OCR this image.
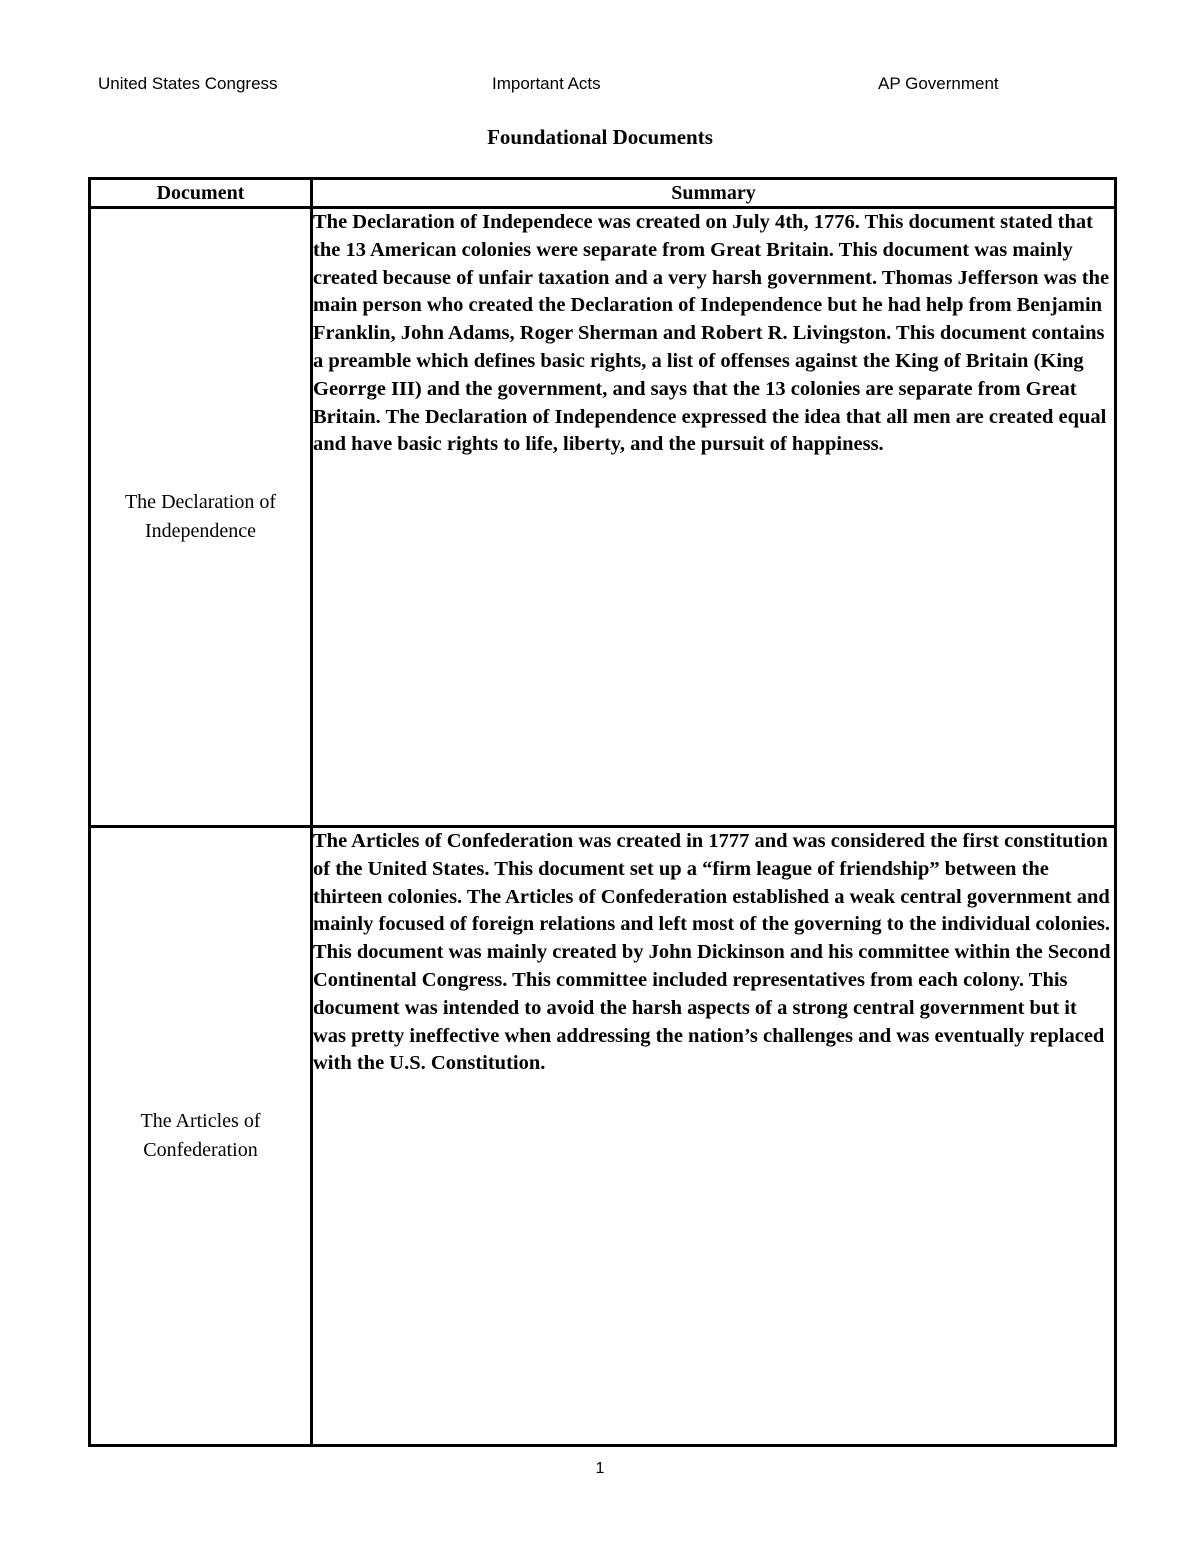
United States Congress	Important Acts	AP Government
Foundational Documents
Document	Summary
The Declaration of Independence	The Declaration of Independece was created on July 4th, 1776. This document stated that the 13 American colonies were separate from Great Britain. This document was mainly created because of unfair taxation and a very harsh government. Thomas Jefferson was the main person who created the Declaration of Independence but he had help from Benjamin Franklin, John Adams, Roger Sherman and Robert R. Livingston. This document contains a preamble which defines basic rights, a list of offenses against the King of Britain (King Georrge III) and the government, and says that the 13 colonies are separate from Great Britain. The Declaration of Independence expressed the idea that all men are created equal and have basic rights to life, liberty, and the pursuit of happiness.
The Articles of Confederation	The Articles of Confederation was created in 1777 and was considered the first constitution of the United States. This document set up a “firm league of friendship” between the thirteen colonies. The Articles of Confederation established a weak central government and mainly focused of foreign relations and left most of the governing to the individual colonies. This document was mainly created by John Dickinson and his committee within the Second Continental Congress. This committee included representatives from each colony. This document was intended to avoid the harsh aspects of a strong central government but it was pretty ineffective when addressing the nation’s challenges and was eventually replaced with the U.S. Constitution.
1
